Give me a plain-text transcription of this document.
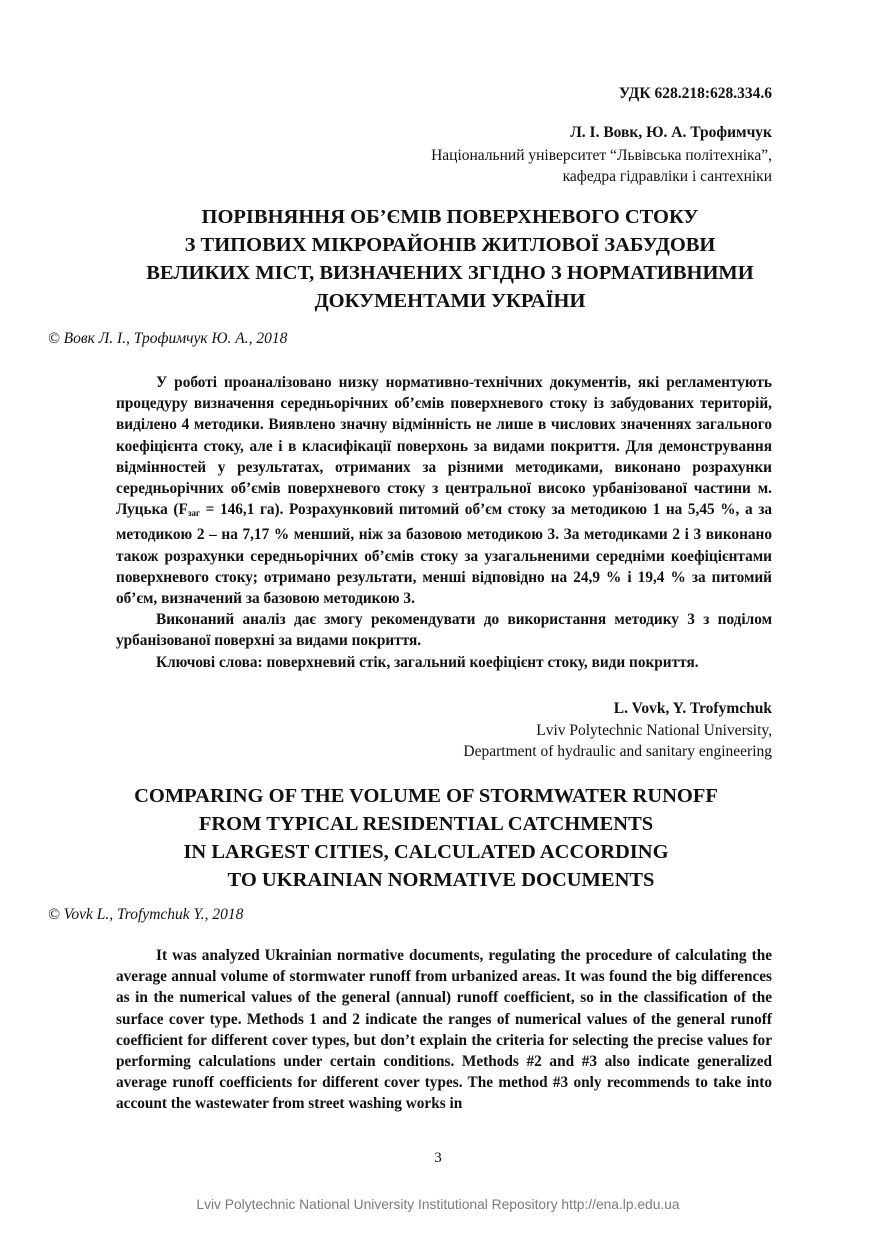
УДК 628.218:628.334.6
Л. І. Вовк, Ю. А. Трофимчук
Національний університет “Львівська політехніка”,
кафедра гідравліки і сантехніки
ПОРІВНЯННЯ ОБ’ЄМІВ ПОВЕРХНЕВОГО СТОКУ
З ТИПОВИХ МІКРОРАЙОНІВ ЖИТЛОВОЇ ЗАБУДОВИ
ВЕЛИКИХ МІСТ, ВИЗНАЧЕНИХ ЗГІДНО З НОРМАТИВНИМИ
ДОКУМЕНТАМИ УКРАЇНИ
© Вовк Л. І., Трофимчук Ю. А., 2018

У роботі проаналізовано низку нормативно-технічних документів, які регламентують процедуру визначення середньорічних об’ємів поверхневого стоку із забудованих територій, виділено 4 методики. Виявлено значну відмінність не лише в числових значеннях загального коефіцієнта стоку, але і в класифікації поверхонь за видами покриття. Для демонстрування відмінностей у результатах, отриманих за різними методиками, виконано розрахунки середньорічних об’ємів поверхневого стоку з центральної високо урбанізованої частини м. Луцька ($F_{заг} = 146,1$ га). Розрахунковий питомий об’єм стоку за методикою 1 на 5,45 %, а за методикою 2 – на 7,17 % менший, ніж за базовою методикою 3. За методиками 2 і 3 виконано також розрахунки середньорічних об’ємів стоку за узагальненими середніми коефіцієнтами поверхневого стоку; отримано результати, менші відповідно на 24,9 % і 19,4 % за питомий об’єм, визначений за базовою методикою 3.

Виконаний аналіз дає змогу рекомендувати до використання методику 3 з поділом урбанізованої поверхні за видами покриття.

Ключові слова: поверхневий стік, загальний коефіцієнт стоку, види покриття.

L. Vovk, Y. Trofymchuk
Lviv Polytechnic National University,
Department of hydraulic and sanitary engineering
COMPARING OF THE VOLUME OF STORMWATER RUNOFF
FROM TYPICAL RESIDENTIAL CATCHMENTS
IN LARGEST CITIES, CALCULATED ACCORDING
TO UKRAINIAN NORMATIVE DOCUMENTS
© Vovk L., Trofymchuk Y., 2018

It was analyzed Ukrainian normative documents, regulating the procedure of calculating the average annual volume of stormwater runoff from urbanized areas. It was found the big differences as in the numerical values of the general (annual) runoff coefficient, so in the classification of the surface cover type. Methods 1 and 2 indicate the ranges of numerical values of the general runoff coefficient for different cover types, but don’t explain the criteria for selecting the precise values for performing calculations under certain conditions. Methods #2 and #3 also indicate generalized average runoff coefficients for different cover types. The method #3 only recommends to take into account the wastewater from street washing works in

3
Lviv Polytechnic National University Institutional Repository http://ena.lp.edu.ua
